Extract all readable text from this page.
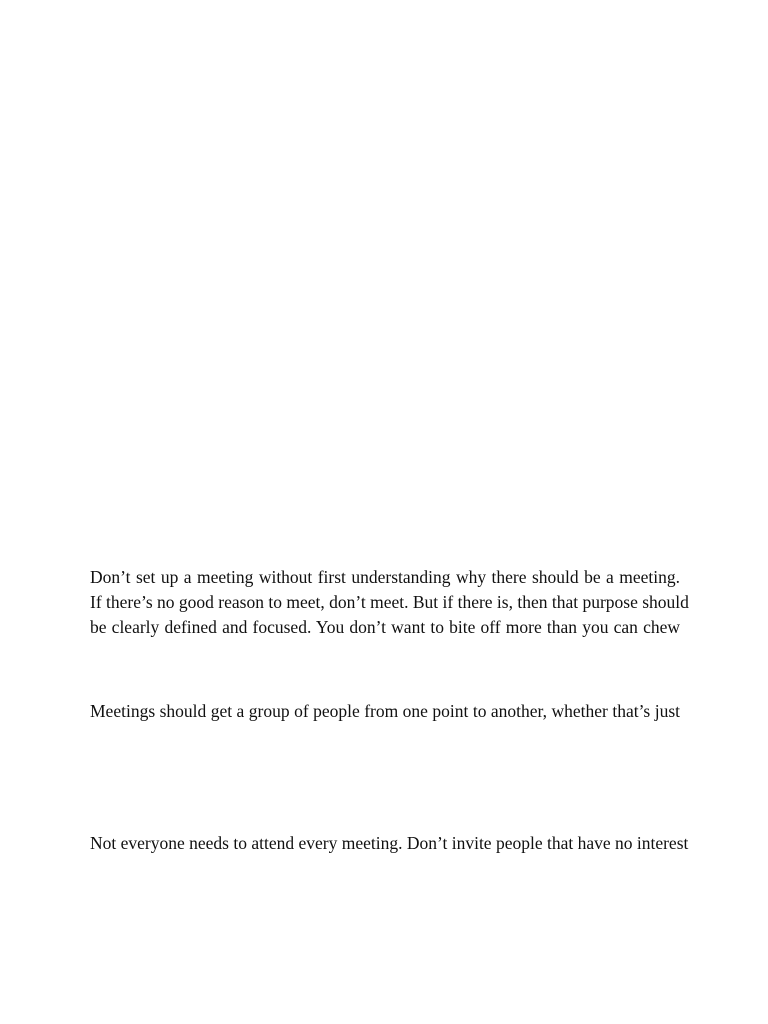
Don’t set up a meeting without first understanding why there should be a meeting.
If there’s no good reason to meet, don’t meet. But if there is, then that purpose should
be clearly defined and focused. You don’t want to bite off more than you can chew

Meetings should get a group of people from one point to another, whether that’s just

Not everyone needs to attend every meeting. Don’t invite people that have no interest
